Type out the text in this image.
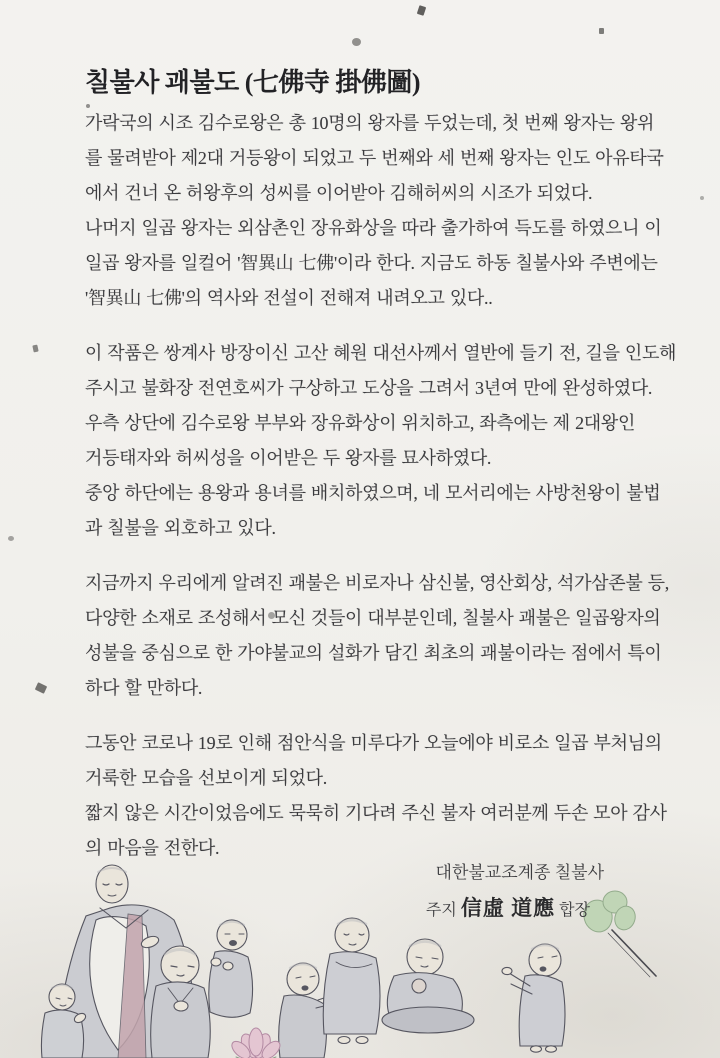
칠불사 괘불도 (七佛寺 掛佛圖)
가락국의 시조 김수로왕은 총 10명의 왕자를 두었는데, 첫 번째 왕자는 왕위
를 물려받아 제2대 거등왕이 되었고 두 번째와 세 번째 왕자는 인도 아유타국
에서 건너 온 허왕후의 성씨를 이어받아 김해허씨의 시조가 되었다.
나머지 일곱 왕자는 외삼촌인 장유화상을 따라 출가하여 득도를 하였으니 이
일곱 왕자를 일컬어 '智異山 七佛'이라 한다. 지금도 하동 칠불사와 주변에는
'智異山 七佛'의 역사와 전설이 전해져 내려오고 있다..
이 작품은 쌍계사 방장이신 고산 혜원 대선사께서 열반에 들기 전, 길을 인도해
주시고 불화장 전연호씨가 구상하고 도상을 그려서 3년여 만에 완성하였다.
우측 상단에 김수로왕 부부와 장유화상이 위치하고, 좌측에는 제 2대왕인
거등태자와 허씨성을 이어받은 두 왕자를 묘사하였다.
중앙 하단에는 용왕과 용녀를 배치하였으며, 네 모서리에는 사방천왕이 불법
과 칠불을 외호하고 있다.
지금까지 우리에게 알려진 괘불은 비로자나 삼신불, 영산회상, 석가삼존불 등,
다양한 소재로 조성해서 모신 것들이 대부분인데, 칠불사 괘불은 일곱왕자의
성불을 중심으로 한 가야불교의 설화가 담긴 최초의 괘불이라는 점에서 특이
하다 할 만하다.
그동안 코로나 19로 인해 점안식을 미루다가 오늘에야 비로소 일곱 부처님의
거룩한 모습을 선보이게 되었다.
짧지 않은 시간이었음에도 묵묵히 기다려 주신 불자 여러분께 두손 모아 감사
의 마음을 전한다.
대한불교조계종 칠불사
주지 信虛 道應 합장
